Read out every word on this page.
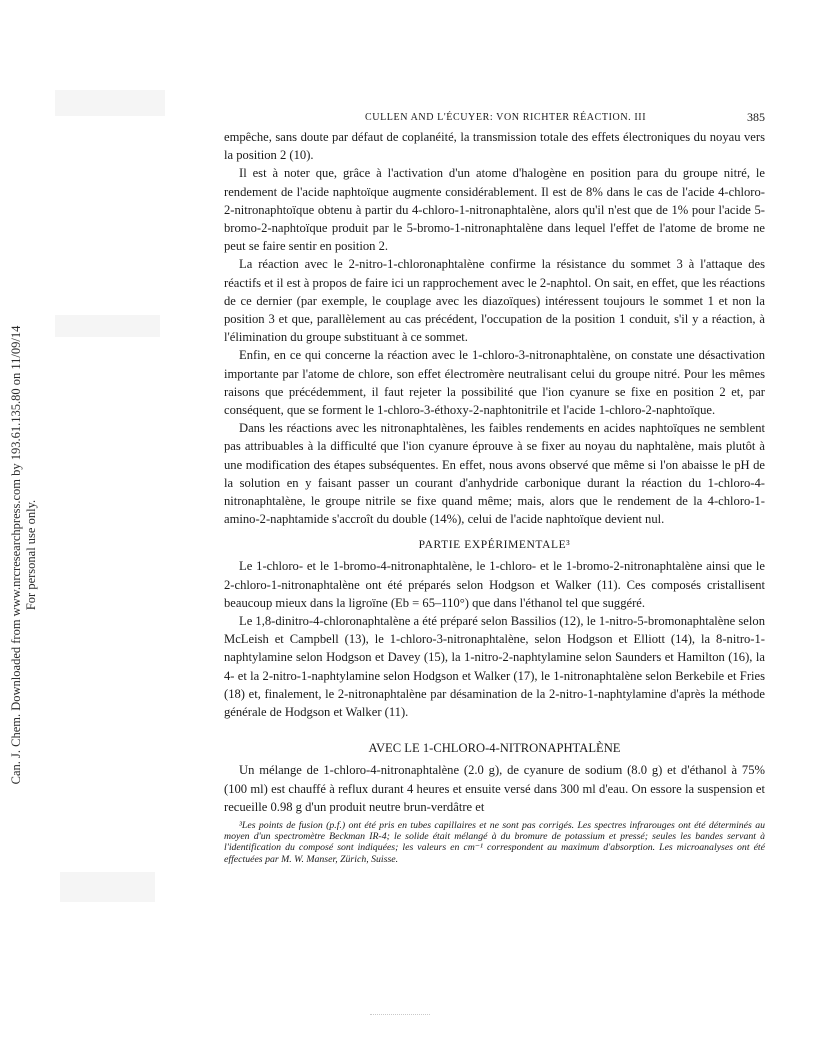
Can. J. Chem. Downloaded from www.nrcresearchpress.com by 193.61.135.80 on 11/09/14 For personal use only.
CULLEN AND L'ÉCUYER: VON RICHTER RÉACTION. III	385

empêche, sans doute par défaut de coplanéité, la transmission totale des effets électroniques du noyau vers la position 2 (10).

Il est à noter que, grâce à l'activation d'un atome d'halogène en position para du groupe nitré, le rendement de l'acide naphtoïque augmente considérablement. Il est de 8% dans le cas de l'acide 4-chloro-2-nitronaphtoïque obtenu à partir du 4-chloro-1-nitronaphtalène, alors qu'il n'est que de 1% pour l'acide 5-bromo-2-naphtoïque produit par le 5-bromo-1-nitronaphtalène dans lequel l'effet de l'atome de brome ne peut se faire sentir en position 2.

La réaction avec le 2-nitro-1-chloronaphtalène confirme la résistance du sommet 3 à l'attaque des réactifs et il est à propos de faire ici un rapprochement avec le 2-naphtol. On sait, en effet, que les réactions de ce dernier (par exemple, le couplage avec les diazoïques) intéressent toujours le sommet 1 et non la position 3 et que, parallèlement au cas précédent, l'occupation de la position 1 conduit, s'il y a réaction, à l'élimination du groupe substituant à ce sommet.

Enfin, en ce qui concerne la réaction avec le 1-chloro-3-nitronaphtalène, on constate une désactivation importante par l'atome de chlore, son effet électromère neutralisant celui du groupe nitré. Pour les mêmes raisons que précédemment, il faut rejeter la possibilité que l'ion cyanure se fixe en position 2 et, par conséquent, que se forment le 1-chloro-3-éthoxy-2-naphtonitrile et l'acide 1-chloro-2-naphtoïque.

Dans les réactions avec les nitronaphtalènes, les faibles rendements en acides naphtoïques ne semblent pas attribuables à la difficulté que l'ion cyanure éprouve à se fixer au noyau du naphtalène, mais plutôt à une modification des étapes subséquentes. En effet, nous avons observé que même si l'on abaisse le pH de la solution en y faisant passer un courant d'anhydride carbonique durant la réaction du 1-chloro-4-nitronaphtalène, le groupe nitrile se fixe quand même; mais, alors que le rendement de la 4-chloro-1-amino-2-naphtamide s'accroît du double (14%), celui de l'acide naphtoïque devient nul.

PARTIE EXPÉRIMENTALE³

Le 1-chloro- et le 1-bromo-4-nitronaphtalène, le 1-chloro- et le 1-bromo-2-nitronaphtalène ainsi que le 2-chloro-1-nitronaphtalène ont été préparés selon Hodgson et Walker (11). Ces composés cristallisent beaucoup mieux dans la ligroïne (Eb = 65–110°) que dans l'éthanol tel que suggéré.

Le 1,8-dinitro-4-chloronaphtalène a été préparé selon Bassilios (12), le 1-nitro-5-bromonaphtalène selon McLeish et Campbell (13), le 1-chloro-3-nitronaphtalène, selon Hodgson et Elliott (14), la 8-nitro-1-naphtylamine selon Hodgson et Davey (15), la 1-nitro-2-naphtylamine selon Saunders et Hamilton (16), la 4- et la 2-nitro-1-naphtylamine selon Hodgson et Walker (17), le 1-nitronaphtalène selon Berkebile et Fries (18) et, finalement, le 2-nitronaphtalène par désamination de la 2-nitro-1-naphtylamine d'après la méthode générale de Hodgson et Walker (11).

AVEC LE 1-CHLORO-4-NITRONAPHTALÈNE

Un mélange de 1-chloro-4-nitronaphtalène (2.0 g), de cyanure de sodium (8.0 g) et d'éthanol à 75% (100 ml) est chauffé à reflux durant 4 heures et ensuite versé dans 300 ml d'eau. On essore la suspension et recueille 0.98 g d'un produit neutre brun-verdâtre et

³Les points de fusion (p.f.) ont été pris en tubes capillaires et ne sont pas corrigés. Les spectres infrarouges ont été déterminés au moyen d'un spectromètre Beckman IR-4; le solide était mélangé à du bromure de potassium et pressé; seules les bandes servant à l'identification du composé sont indiquées; les valeurs en cm⁻¹ correspondent au maximum d'absorption. Les microanalyses ont été effectuées par M. W. Manser, Zürich, Suisse.
